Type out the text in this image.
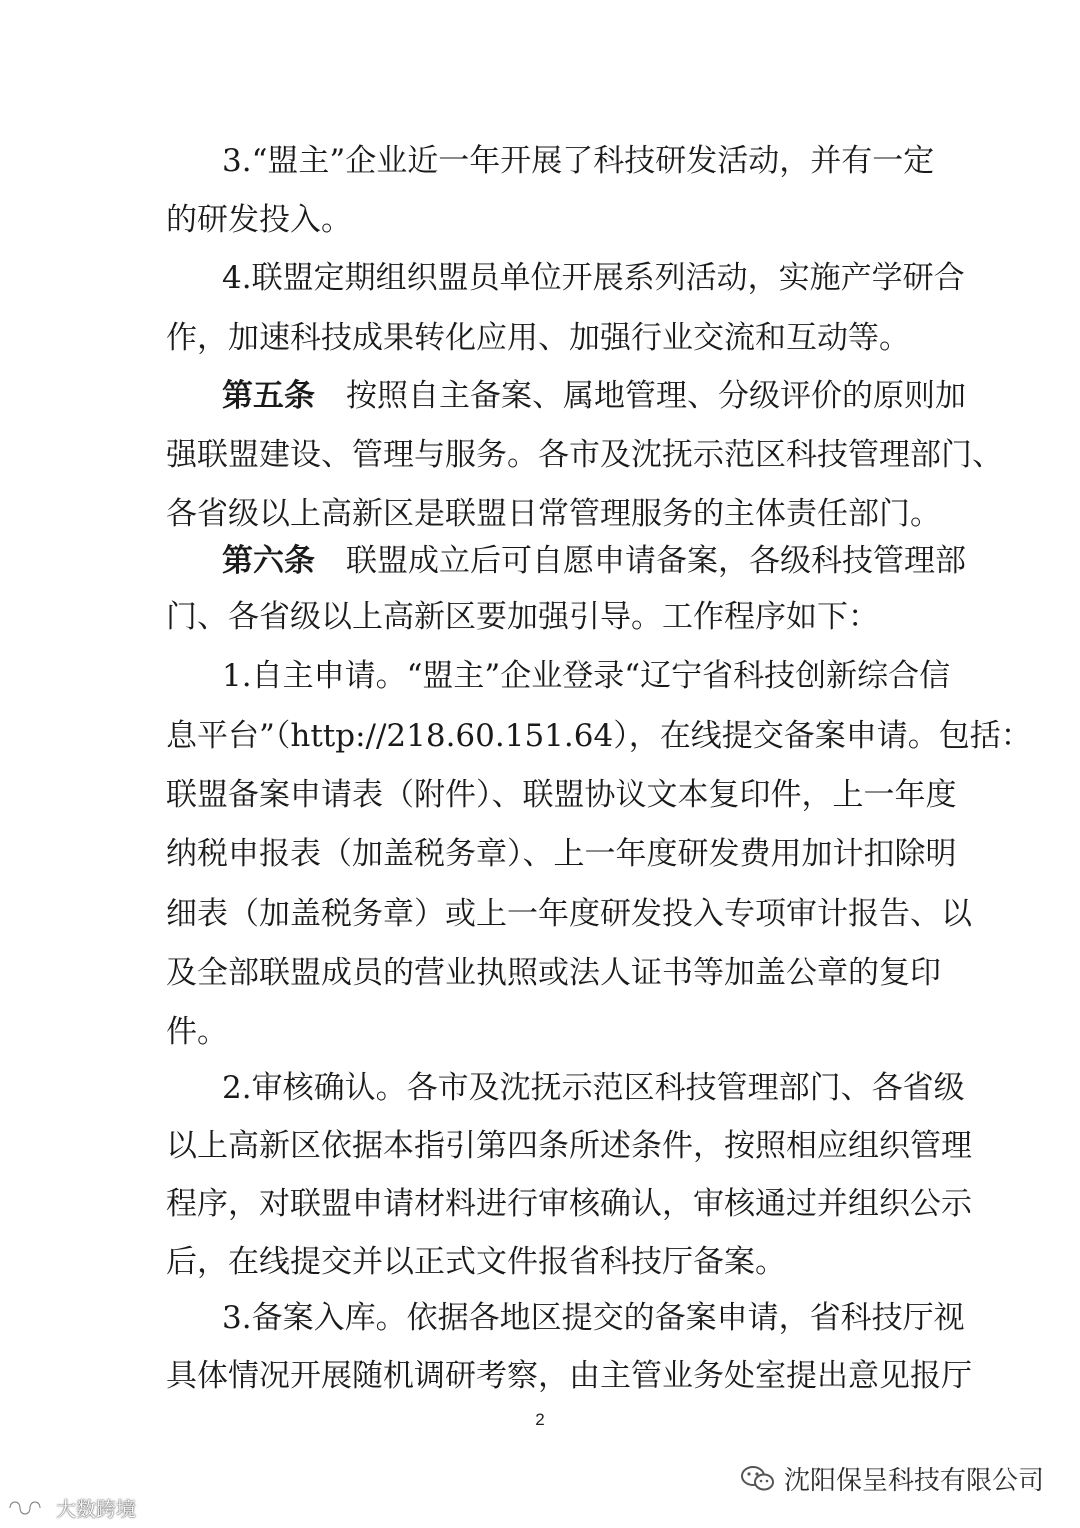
3.“盟主”企业近一年开展了科技研发活动，并有一定
的研发投入。
4.联盟定期组织盟员单位开展系列活动，实施产学研合
作，加速科技成果转化应用、加强行业交流和互动等。
第五条　按照自主备案、属地管理、分级评价的原则加
强联盟建设、管理与服务。各市及沈抚示范区科技管理部门、
各省级以上高新区是联盟日常管理服务的主体责任部门。
第六条　联盟成立后可自愿申请备案，各级科技管理部
门、各省级以上高新区要加强引导。工作程序如下：
1.自主申请。“盟主”企业登录“辽宁省科技创新综合信
息平台”（http://218.60.151.64），在线提交备案申请。包括：
联盟备案申请表（附件）、联盟协议文本复印件，上一年度
纳税申报表（加盖税务章）、上一年度研发费用加计扣除明
细表（加盖税务章）或上一年度研发投入专项审计报告、以
及全部联盟成员的营业执照或法人证书等加盖公章的复印
件。
2.审核确认。各市及沈抚示范区科技管理部门、各省级
以上高新区依据本指引第四条所述条件，按照相应组织管理
程序，对联盟申请材料进行审核确认，审核通过并组织公示
后，在线提交并以正式文件报省科技厅备案。
3.备案入库。依据各地区提交的备案申请，省科技厅视
具体情况开展随机调研考察，由主管业务处室提出意见报厅
2
沈阳保呈科技有限公司
大数跨境
